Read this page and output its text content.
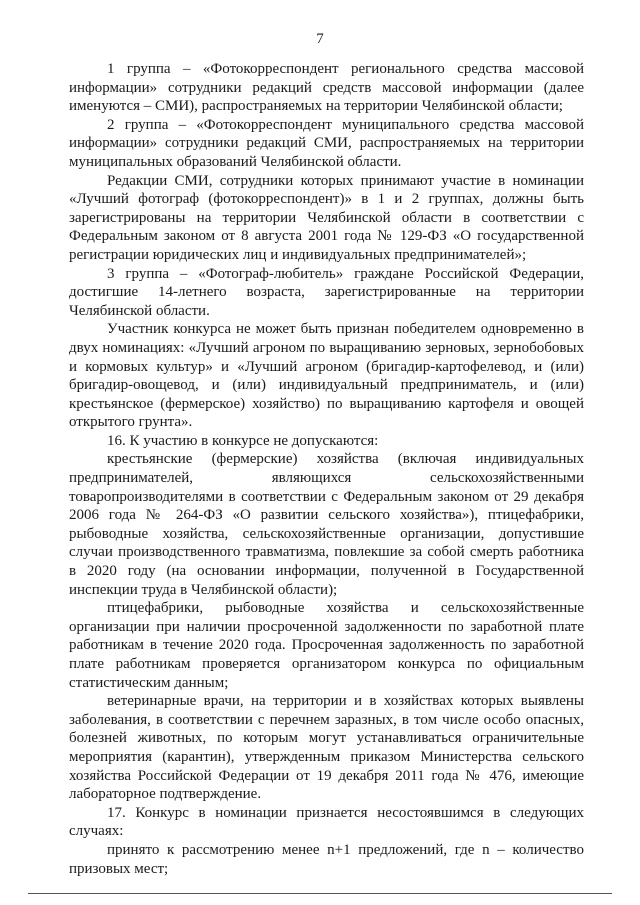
7

1 группа – «Фотокорреспондент регионального средства массовой информации» сотрудники редакций средств массовой информации (далее именуются – СМИ), распространяемых на территории Челябинской области;

2 группа – «Фотокорреспондент муниципального средства массовой информации» сотрудники редакций СМИ, распространяемых на территории муниципальных образований Челябинской области.

Редакции СМИ, сотрудники которых принимают участие в номинации «Лучший фотограф (фотокорреспондент)» в 1 и 2 группах, должны быть зарегистрированы на территории Челябинской области в соответствии с Федеральным законом от 8 августа 2001 года № 129-ФЗ «О государственной регистрации юридических лиц и индивидуальных предпринимателей»;

3 группа – «Фотограф-любитель» граждане Российской Федерации, достигшие 14-летнего возраста, зарегистрированные на территории Челябинской области.

Участник конкурса не может быть признан победителем одновременно в двух номинациях: «Лучший агроном по выращиванию зерновых, зернобобовых и кормовых культур» и «Лучший агроном (бригадир-картофелевод, и (или) бригадир-овощевод, и (или) индивидуальный предприниматель, и (или) крестьянское (фермерское) хозяйство) по выращиванию картофеля и овощей открытого грунта».

16. К участию в конкурсе не допускаются:

крестьянские (фермерские) хозяйства (включая индивидуальных предпринимателей, являющихся сельскохозяйственными товаропроизводителями в соответствии с Федеральным законом от 29 декабря 2006 года № 264-ФЗ «О развитии сельского хозяйства»), птицефабрики, рыбоводные хозяйства, сельскохозяйственные организации, допустившие случаи производственного травматизма, повлекшие за собой смерть работника в 2020 году (на основании информации, полученной в Государственной инспекции труда в Челябинской области);

птицефабрики, рыбоводные хозяйства и сельскохозяйственные организации при наличии просроченной задолженности по заработной плате работникам в течение 2020 года. Просроченная задолженность по заработной плате работникам проверяется организатором конкурса по официальным статистическим данным;

ветеринарные врачи, на территории и в хозяйствах которых выявлены заболевания, в соответствии с перечнем заразных, в том числе особо опасных, болезней животных, по которым могут устанавливаться ограничительные мероприятия (карантин), утвержденным приказом Министерства сельского хозяйства Российской Федерации от 19 декабря 2011 года № 476, имеющие лабораторное подтверждение.

17. Конкурс в номинации признается несостоявшимся в следующих случаях:

принято к рассмотрению менее n+1 предложений, где n – количество призовых мест;
